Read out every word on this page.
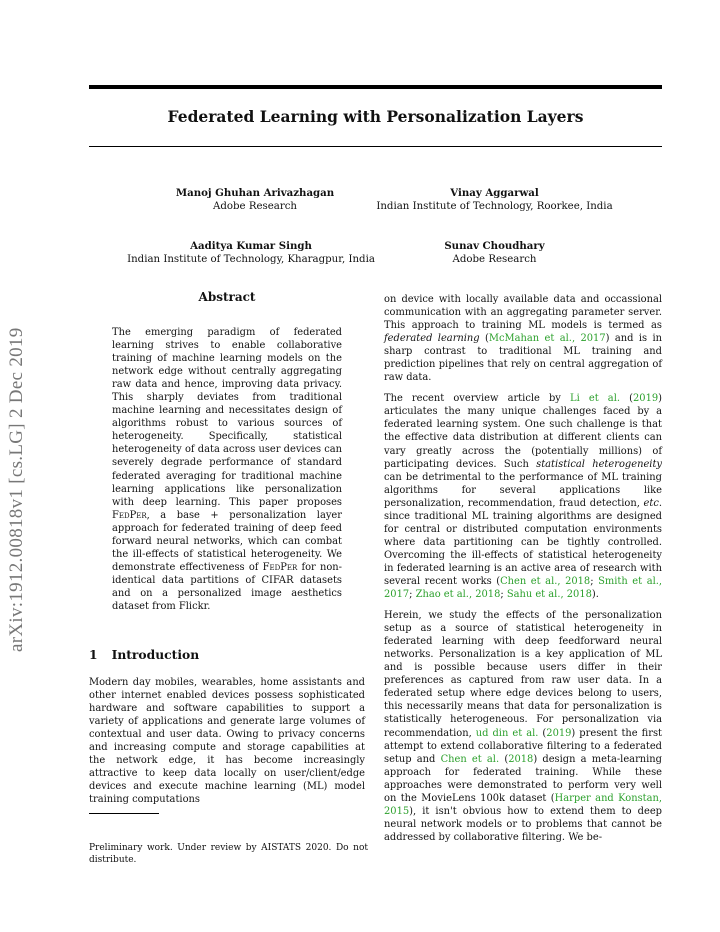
Federated Learning with Personalization Layers
Manoj Ghuhan Arivazhagan
Adobe Research
Vinay Aggarwal
Indian Institute of Technology, Roorkee, India
Aaditya Kumar Singh
Indian Institute of Technology, Kharagpur, India
Sunav Choudhary
Adobe Research
arXiv:1912.00818v1 [cs.LG] 2 Dec 2019
Abstract
The emerging paradigm of federated learning strives to enable collaborative training of machine learning models on the network edge without centrally aggregating raw data and hence, improving data privacy. This sharply deviates from traditional machine learning and necessitates design of algorithms robust to various sources of heterogeneity. Specifically, statistical heterogeneity of data across user devices can severely degrade performance of standard federated averaging for traditional machine learning applications like personalization with deep learning. This paper proposes FedPer, a base + personalization layer approach for federated training of deep feed forward neural networks, which can combat the ill-effects of statistical heterogeneity. We demonstrate effectiveness of FedPer for non-identical data partitions of CIFAR datasets and on a personalized image aesthetics dataset from Flickr.
1 Introduction

Modern day mobiles, wearables, home assistants and other internet enabled devices possess sophisticated hardware and software capabilities to support a variety of applications and generate large volumes of contextual and user data. Owing to privacy concerns and increasing compute and storage capabilities at the network edge, it has become increasingly attractive to keep data locally on user/client/edge devices and execute machine learning (ML) model training computations

Preliminary work. Under review by AISTATS 2020. Do not distribute.

on device with locally available data and occassional communication with an aggregating parameter server. This approach to training ML models is termed as federated learning (McMahan et al., 2017) and is in sharp contrast to traditional ML training and prediction pipelines that rely on central aggregation of raw data.

The recent overview article by Li et al. (2019) articulates the many unique challenges faced by a federated learning system. One such challenge is that the effective data distribution at different clients can vary greatly across the (potentially millions) of participating devices. Such statistical heterogeneity can be detrimental to the performance of ML training algorithms for several applications like personalization, recommendation, fraud detection, etc. since traditional ML training algorithms are designed for central or distributed computation environments where data partitioning can be tightly controlled. Overcoming the ill-effects of statistical heterogeneity in federated learning is an active area of research with several recent works (Chen et al., 2018; Smith et al., 2017; Zhao et al., 2018; Sahu et al., 2018).

Herein, we study the effects of the personalization setup as a source of statistical heterogeneity in federated learning with deep feedforward neural networks. Personalization is a key application of ML and is possible because users differ in their preferences as captured from raw user data. In a federated setup where edge devices belong to users, this necessarily means that data for personalization is statistically heterogeneous. For personalization via recommendation, ud din et al. (2019) present the first attempt to extend collaborative filtering to a federated setup and Chen et al. (2018) design a meta-learning approach for federated training. While these approaches were demonstrated to perform very well on the MovieLens 100k dataset (Harper and Konstan, 2015), it isn't obvious how to extend them to deep neural network models or to problems that cannot be addressed by collaborative filtering. We be-
